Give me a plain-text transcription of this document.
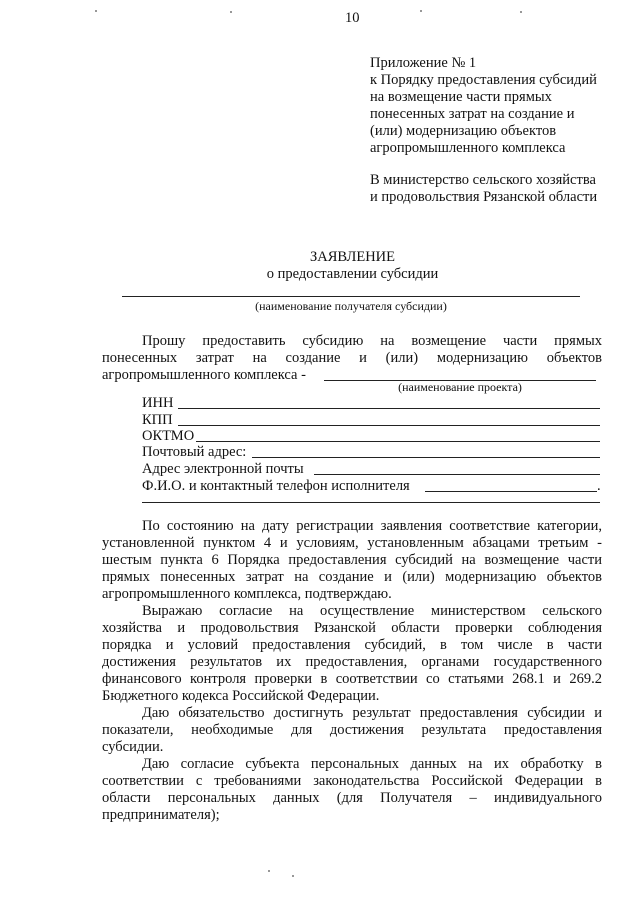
10
Приложение № 1
к Порядку предоставления субсидий
на возмещение части прямых
понесенных затрат на создание и
(или) модернизацию объектов
агропромышленного комплекса
В министерство сельского хозяйства
и продовольствия Рязанской области
ЗАЯВЛЕНИЕ
о предоставлении субсидии
(наименование получателя субсидии)
Прошу предоставить субсидию на возмещение части прямых
понесенных затрат на создание и (или) модернизацию объектов
агропромышленного комплекса -
(наименование проекта)
ИНН
КПП
ОКТМО
Почтовый адрес:
Адрес электронной почты
Ф.И.О. и контактный телефон исполнителя	.
По состоянию на дату регистрации заявления соответствие категории,
установленной пунктом 4 и условиям, установленным абзацами третьим -
шестым пункта 6 Порядка предоставления субсидий на возмещение части
прямых понесенных затрат на создание и (или) модернизацию объектов
агропромышленного комплекса, подтверждаю.
Выражаю согласие на осуществление министерством сельского
хозяйства и продовольствия Рязанской области проверки соблюдения
порядка и условий предоставления субсидий, в том числе в части
достижения результатов их предоставления, органами государственного
финансового контроля проверки в соответствии со статьями 268.1 и 269.2
Бюджетного кодекса Российской Федерации.
Даю обязательство достигнуть результат предоставления субсидии и
показатели, необходимые для достижения результата предоставления
субсидии.
Даю согласие субъекта персональных данных на их обработку в
соответствии с требованиями законодательства Российской Федерации в
области персональных данных (для Получателя – индивидуального
предпринимателя);
